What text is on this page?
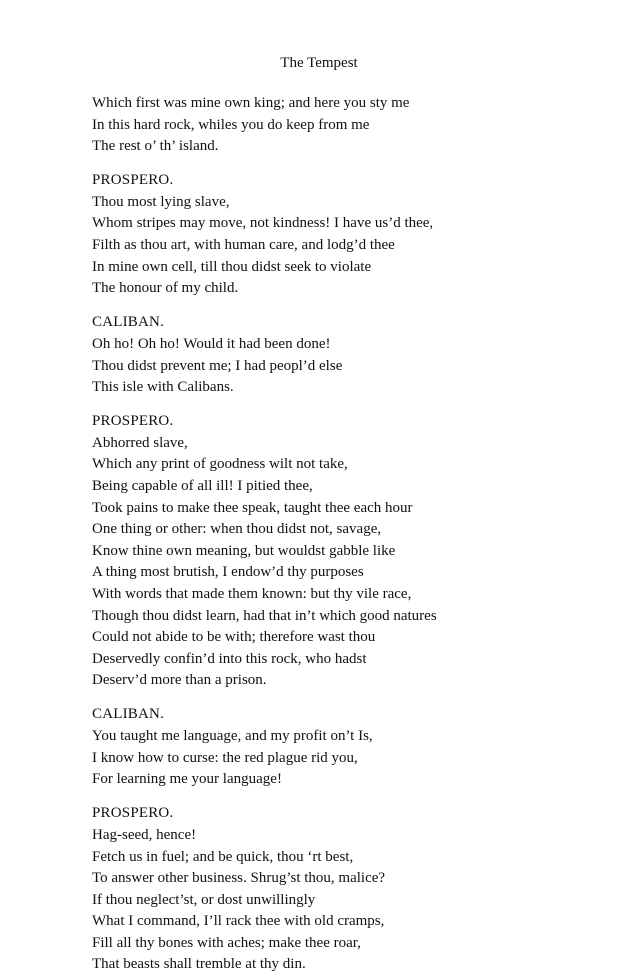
The Tempest
Which first was mine own king; and here you sty me
In this hard rock, whiles you do keep from me
The rest o’ th’ island.
PROSPERO.
Thou most lying slave,
Whom stripes may move, not kindness! I have us’d thee,
Filth as thou art, with human care, and lodg’d thee
In mine own cell, till thou didst seek to violate
The honour of my child.
CALIBAN.
Oh ho! Oh ho! Would it had been done!
Thou didst prevent me; I had peopl’d else
This isle with Calibans.
PROSPERO.
Abhorred slave,
Which any print of goodness wilt not take,
Being capable of all ill! I pitied thee,
Took pains to make thee speak, taught thee each hour
One thing or other: when thou didst not, savage,
Know thine own meaning, but wouldst gabble like
A thing most brutish, I endow’d thy purposes
With words that made them known: but thy vile race,
Though thou didst learn, had that in’t which good natures
Could not abide to be with; therefore wast thou
Deservedly confin’d into this rock, who hadst
Deserv’d more than a prison.
CALIBAN.
You taught me language, and my profit on’t Is,
I know how to curse: the red plague rid you,
For learning me your language!
PROSPERO.
Hag-seed, hence!
Fetch us in fuel; and be quick, thou ‘rt best,
To answer other business. Shrug’st thou, malice?
If thou neglect’st, or dost unwillingly
What I command, I’ll rack thee with old cramps,
Fill all thy bones with aches; make thee roar,
That beasts shall tremble at thy din.
